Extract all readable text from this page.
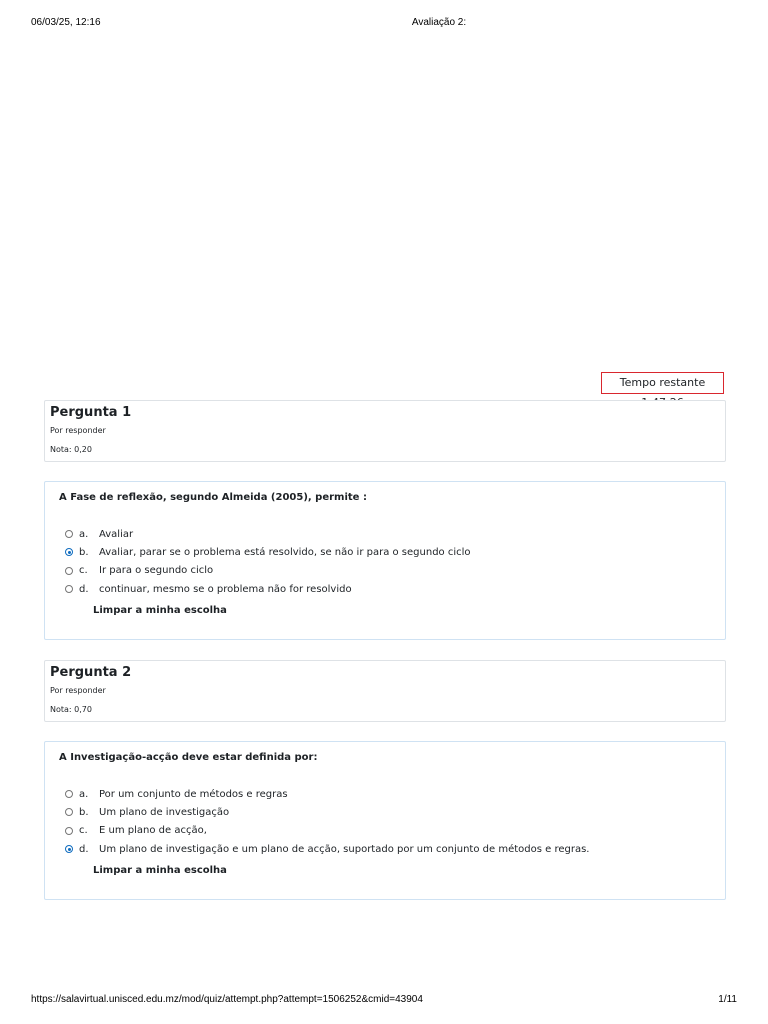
06/03/25, 12:16	Avaliação 2:
Tempo restante
Pergunta 1
Por responder
Nota: 0,20
A Fase de reflexão, segundo Almeida (2005), permite :
a.	Avaliar
b.	Avaliar, parar se o problema está resolvido, se não ir para o segundo ciclo
c.	Ir para o segundo ciclo
d.	continuar, mesmo se o problema não for resolvido
Limpar a minha escolha
Pergunta 2
Por responder
Nota: 0,70
A Investigação-acção deve estar definida por:
a.	Por um conjunto de métodos e regras
b.	Um plano de investigação
c.	E um plano de acção,
d.	Um plano de investigação e um plano de acção, suportado por um conjunto de métodos e regras.
Limpar a minha escolha
https://salavirtual.unisced.edu.mz/mod/quiz/attempt.php?attempt=1506252&cmid=43904	1/11
